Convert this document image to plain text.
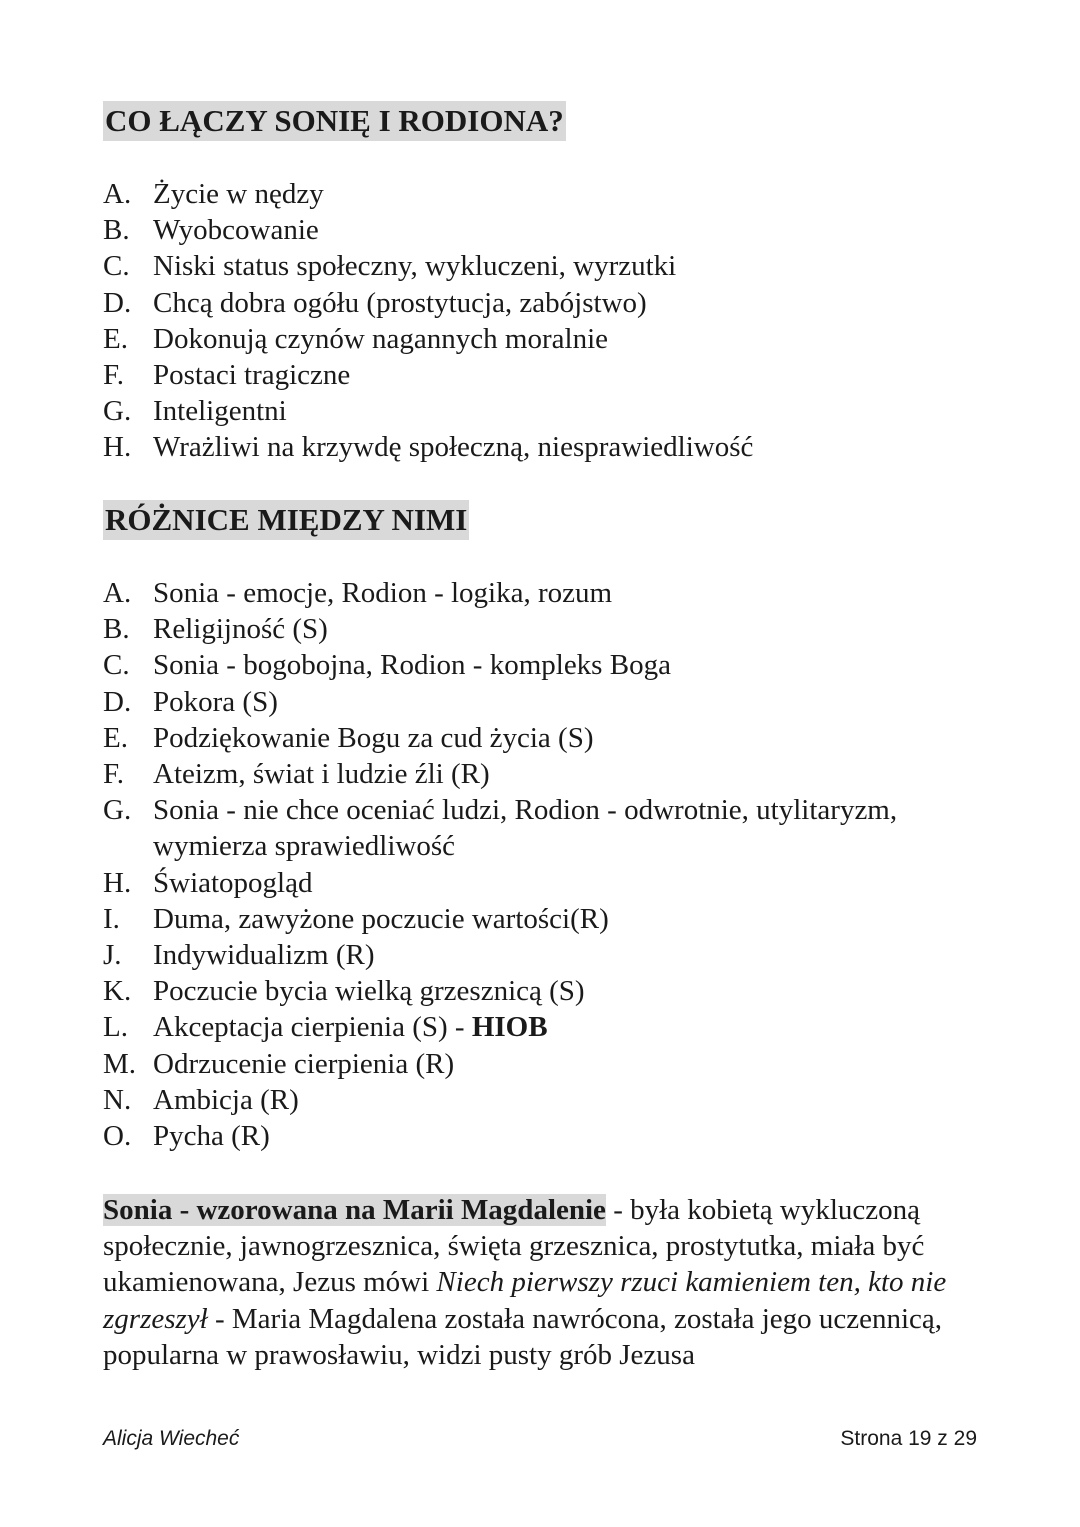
CO ŁĄCZY SONIĘ I RODIONA?
A. Życie w nędzy
B. Wyobcowanie
C. Niski status społeczny, wykluczeni, wyrzutki
D. Chcą dobra ogółu (prostytucja, zabójstwo)
E. Dokonują czynów nagannych moralnie
F. Postaci tragiczne
G. Inteligentni
H. Wrażliwi na krzywdę społeczną, niesprawiedliwość
RÓŻNICE MIĘDZY NIMI
A. Sonia - emocje, Rodion - logika, rozum
B. Religijność (S)
C. Sonia - bogobojna, Rodion - kompleks Boga
D. Pokora (S)
E. Podziękowanie Bogu za cud życia (S)
F. Ateizm, świat i ludzie źli (R)
G. Sonia - nie chce oceniać ludzi, Rodion - odwrotnie, utylitaryzm, wymierza sprawiedliwość
H. Światopogląd
I.	Duma, zawyżone poczucie wartości(R)
J.	Indywidualizm (R)
K. Poczucie bycia wielką grzesznicą (S)
L. Akceptacja cierpienia (S) - HIOB
M. Odrzucenie cierpienia (R)
N. Ambicja (R)
O. Pycha (R)

Sonia - wzorowana na Marii Magdalenie - była kobietą wykluczoną społecznie, jawnogrzesznica, święta grzesznica, prostytutka, miała być ukamienowana, Jezus mówi Niech pierwszy rzuci kamieniem ten, kto nie zgrzeszył - Maria Magdalena została nawrócona, została jego uczennicą, popularna w prawosławiu, widzi pusty grób Jezusa

Alicja Wiecheć	Strona 19 z 29
